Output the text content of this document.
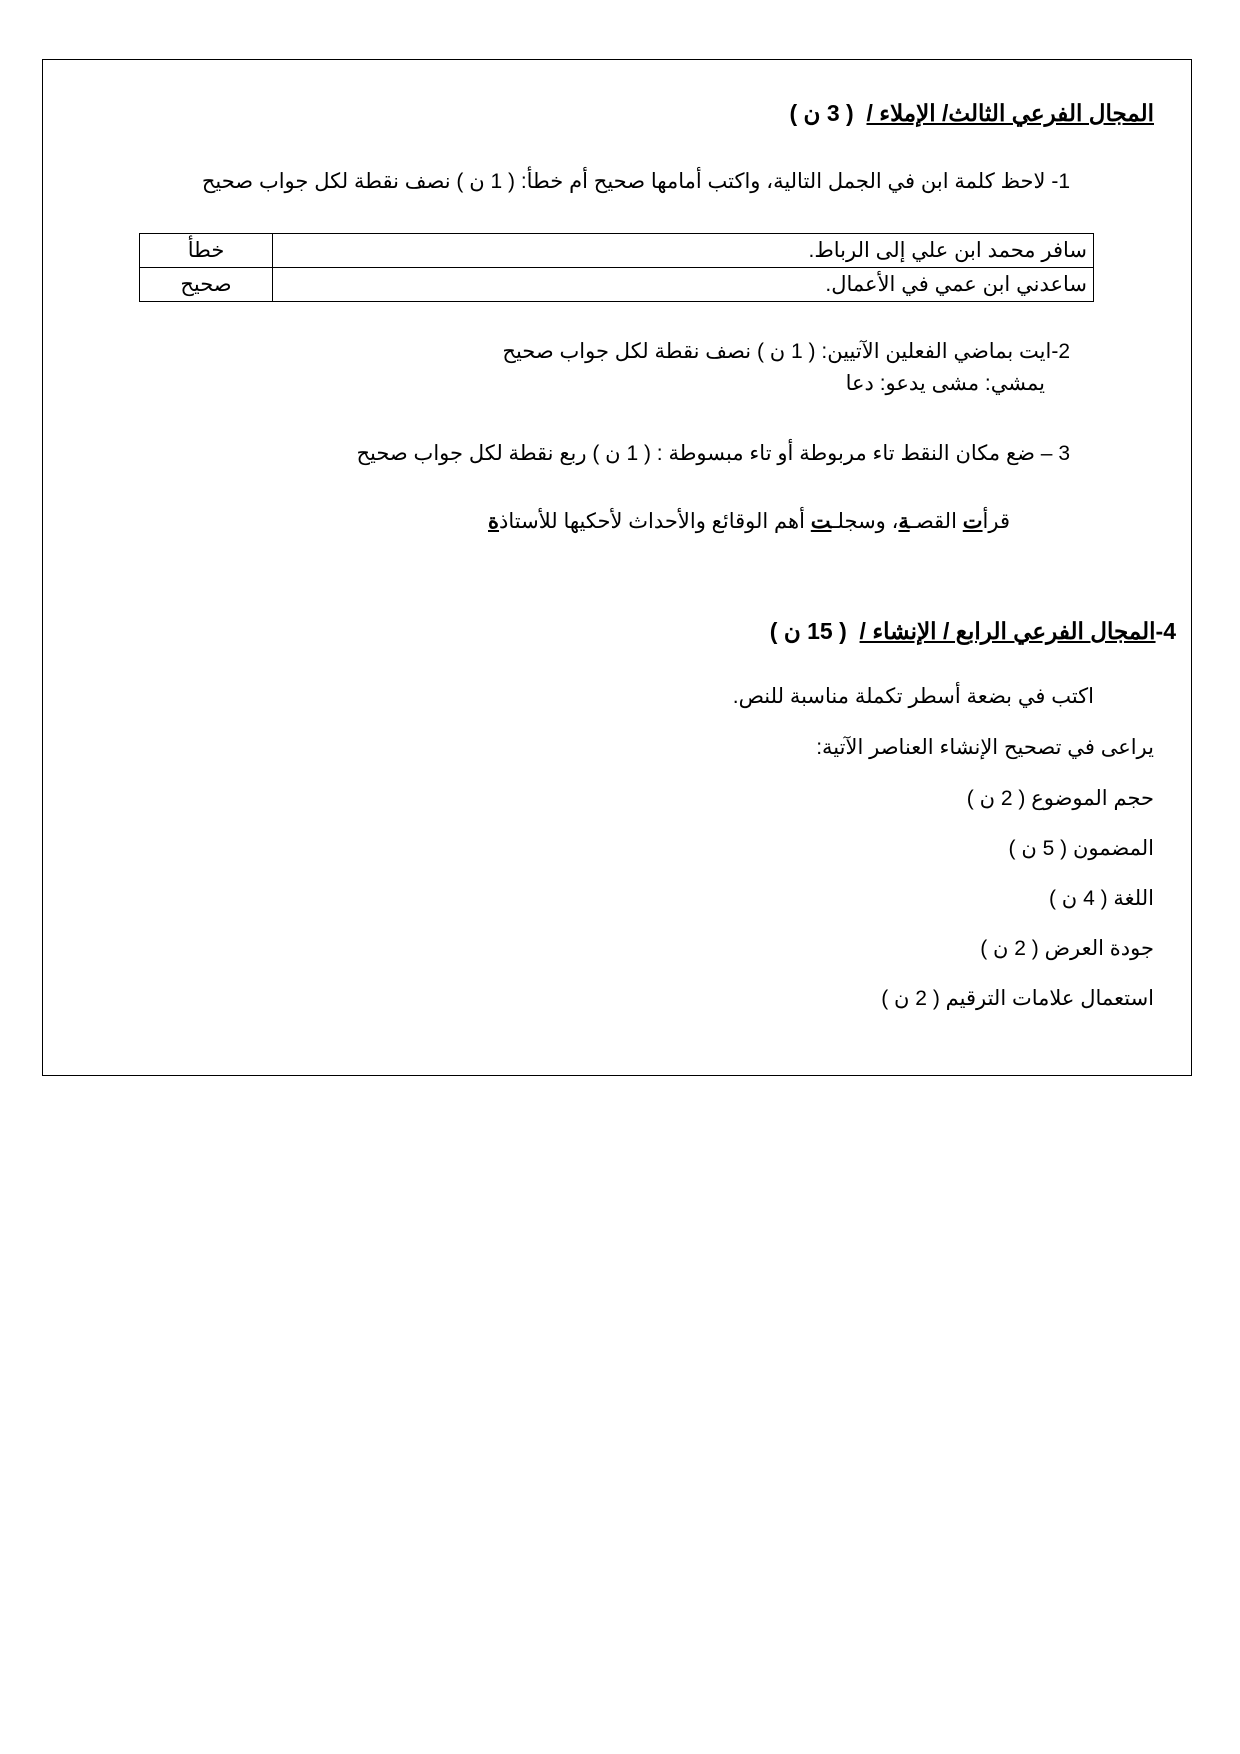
المجال الفرعي الثالث/ الإملاء /  ( 3 ن )
1- لاحظ كلمة ابن في الجمل التالية، واكتب أمامها صحيح أم خطأ: ( 1 ن ) نصف نقطة لكل جواب صحيح
سافر محمد ابن علي إلى الرباط.	خطأ
ساعدني ابن عمي في الأعمال.	صحيح
2-ايت بماضي الفعلين الآتيين: ( 1 ن ) نصف نقطة لكل جواب صحيح
يمشي: مشى يدعو: دعا
3 – ضع مكان النقط تاء مربوطة أو تاء مبسوطة : ( 1 ن ) ربع نقطة لكل جواب صحيح
قرأت القصـة، وسجلـت أهم الوقائع والأحداث لأحكيها للأستاذة
4-المجال الفرعي الرابع / الإنشاء /  ( 15 ن )
اكتب في بضعة أسطر تكملة مناسبة للنص.
يراعى في تصحيح الإنشاء العناصر الآتية:
حجم الموضوع ( 2 ن )
المضمون ( 5 ن )
اللغة ( 4 ن )
جودة العرض ( 2 ن )
استعمال علامات الترقيم ( 2 ن )
